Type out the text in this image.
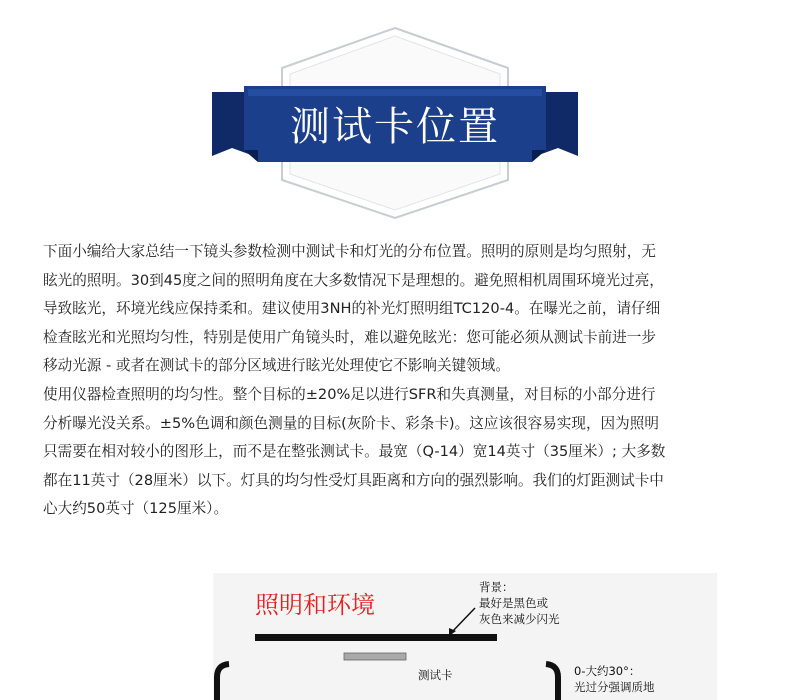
测试卡位置
下面小编给大家总结一下镜头参数检测中测试卡和灯光的分布位置。照明的原则是均匀照射，无
眩光的照明。30到45度之间的照明角度在大多数情况下是理想的。避免照相机周围环境光过亮，
导致眩光，环境光线应保持柔和。建议使用3NH的补光灯照明组TC120-4。在曝光之前，请仔细
检查眩光和光照均匀性，特别是使用广角镜头时，难以避免眩光：您可能必须从测试卡前进一步
移动光源 - 或者在测试卡的部分区域进行眩光处理使它不影响关键领域。
使用仪器检查照明的均匀性。整个目标的±20%足以进行SFR和失真测量，对目标的小部分进行
分析曝光没关系。±5%色调和颜色测量的目标(灰阶卡、彩条卡)。这应该很容易实现，因为照明
只需要在相对较小的图形上，而不是在整张测试卡。最宽（Q-14）宽14英寸（35厘米）; 大多数
都在11英寸（28厘米）以下。灯具的均匀性受灯具距离和方向的强烈影响。我们的灯距测试卡中
心大约50英寸（125厘米）。
照明和环境
背景：
最好是黑色或
灰色来减少闪光
测试卡	0-大约30°：
光过分强调质地
